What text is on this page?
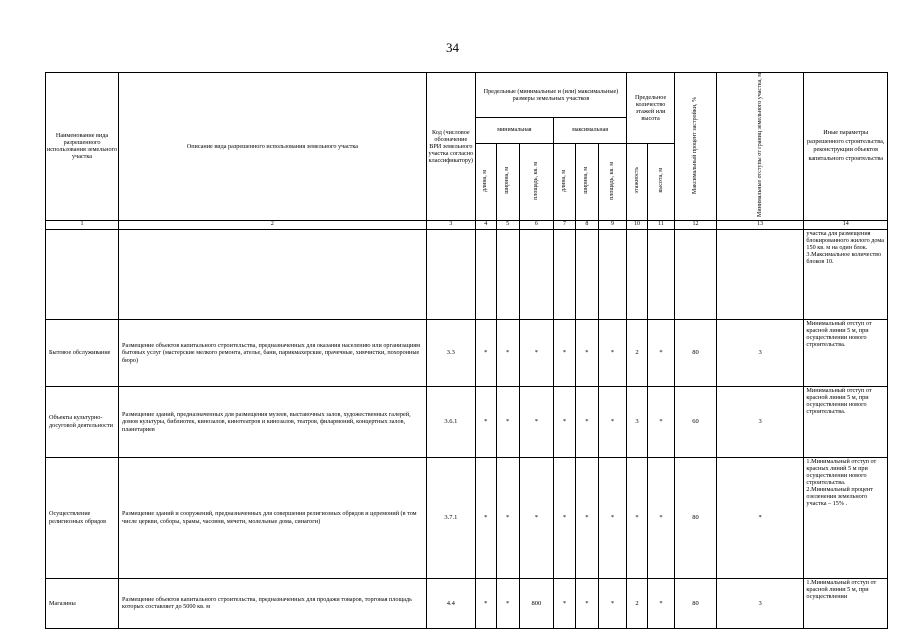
34
Наименование вида разрешенного использования земельного участка	Описание вида разрешенного использования земельного участка	Код (числовое обозначение ВРИ земельного участка согласно классификатору)	Предельные (минимальные и (или) максимальные) размеры земельных участков						Предельное количество этажей или высота		Максимальный процент застройки, %	Минимальные отступы от границ земельного участка, м	Иные параметры разрешенного строительства, реконструкции объектов капитального строительства
			минимальная			максимальная							
			длина, м	ширина, м	площадь, кв. м	длина, м	ширина, м	площадь, кв. м	этажность	высота, м			
1	2	3	4	5	6	7	8	9	10	11	12	13	14
													участка для размещения блокированного жилого дома 150 кв. м на один блок.
3.Максимальное количество блоков 10.
Бытовое обслуживание	Размещение объектов капитального строительства, предназначенных для оказания населению или организациям бытовых услуг (мастерские мелкого ремонта, ателье, бани, парикмахерские, прачечные, химчистки, похоронные бюро)	3.3	*	*	*	*	*	*	2	*	80	3	Минимальный отступ от красной линии 5 м, при осуществлении нового строительства.
Объекты культурно-досуговой деятельности	Размещение зданий, предназначенных для размещения музеев, выставочных залов, художественных галерей, домов культуры, библиотек, кинозалов, кинотеатров и кинозалов, театров, филармоний, концертных залов, планетариев	3.6.1	*	*	*	*	*	*	3	*	60	3	Минимальный отступ от красной линии 5 м, при осуществлении нового строительства.
Осуществление религиозных обрядов	Размещение зданий и сооружений, предназначенных для совершения религиозных обрядов и церемоний (в том числе церкви, соборы, храмы, часовни, мечети, молельные дома, синагоги)	3.7.1	*	*	*	*	*	*	*	*	80	*	1.Минимальный отступ от красных линий 5 м при осуществлении нового строительства.
2.Минимальный процент озеленения земельного участка – 15% .
Магазины	Размещение объектов капитального строительства, предназначенных для продажи товаров, торговая площадь которых составляет до 5000 кв. м	4.4	*	*	800	*	*	*	2	*	80	3	1.Минимальный отступ от красной линии 5 м, при осуществлении
